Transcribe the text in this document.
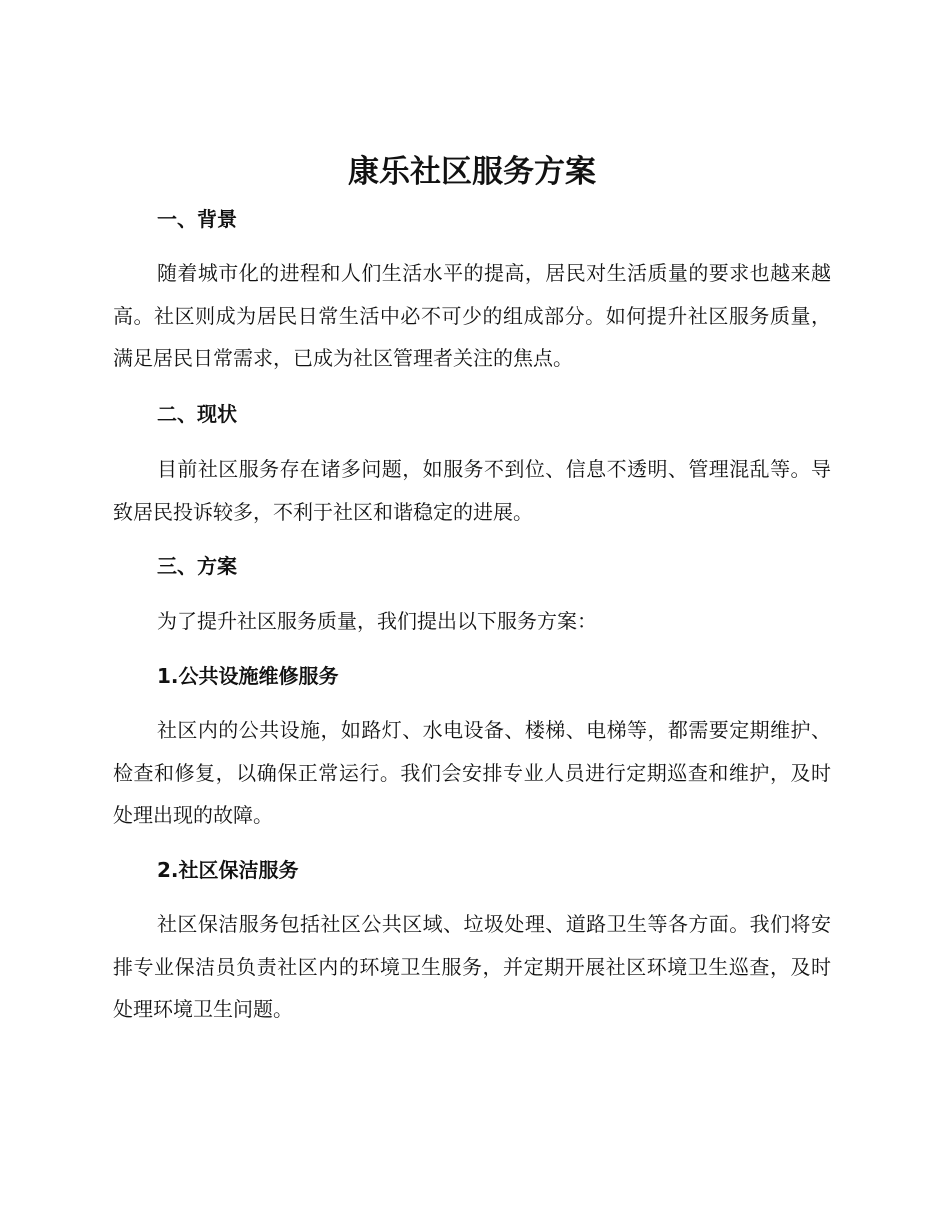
康乐社区服务方案
一、背景

随着城市化的进程和人们生活水平的提高，居民对生活质量的要求也越来越高。社区则成为居民日常生活中必不可少的组成部分。如何提升社区服务质量，满足居民日常需求，已成为社区管理者关注的焦点。

二、现状

目前社区服务存在诸多问题，如服务不到位、信息不透明、管理混乱等。导致居民投诉较多，不利于社区和谐稳定的进展。

三、方案

为了提升社区服务质量，我们提出以下服务方案：

1.公共设施维修服务

社区内的公共设施，如路灯、水电设备、楼梯、电梯等，都需要定期维护、检查和修复，以确保正常运行。我们会安排专业人员进行定期巡查和维护，及时处理出现的故障。

2.社区保洁服务

社区保洁服务包括社区公共区域、垃圾处理、道路卫生等各方面。我们将安排专业保洁员负责社区内的环境卫生服务，并定期开展社区环境卫生巡查，及时处理环境卫生问题。
